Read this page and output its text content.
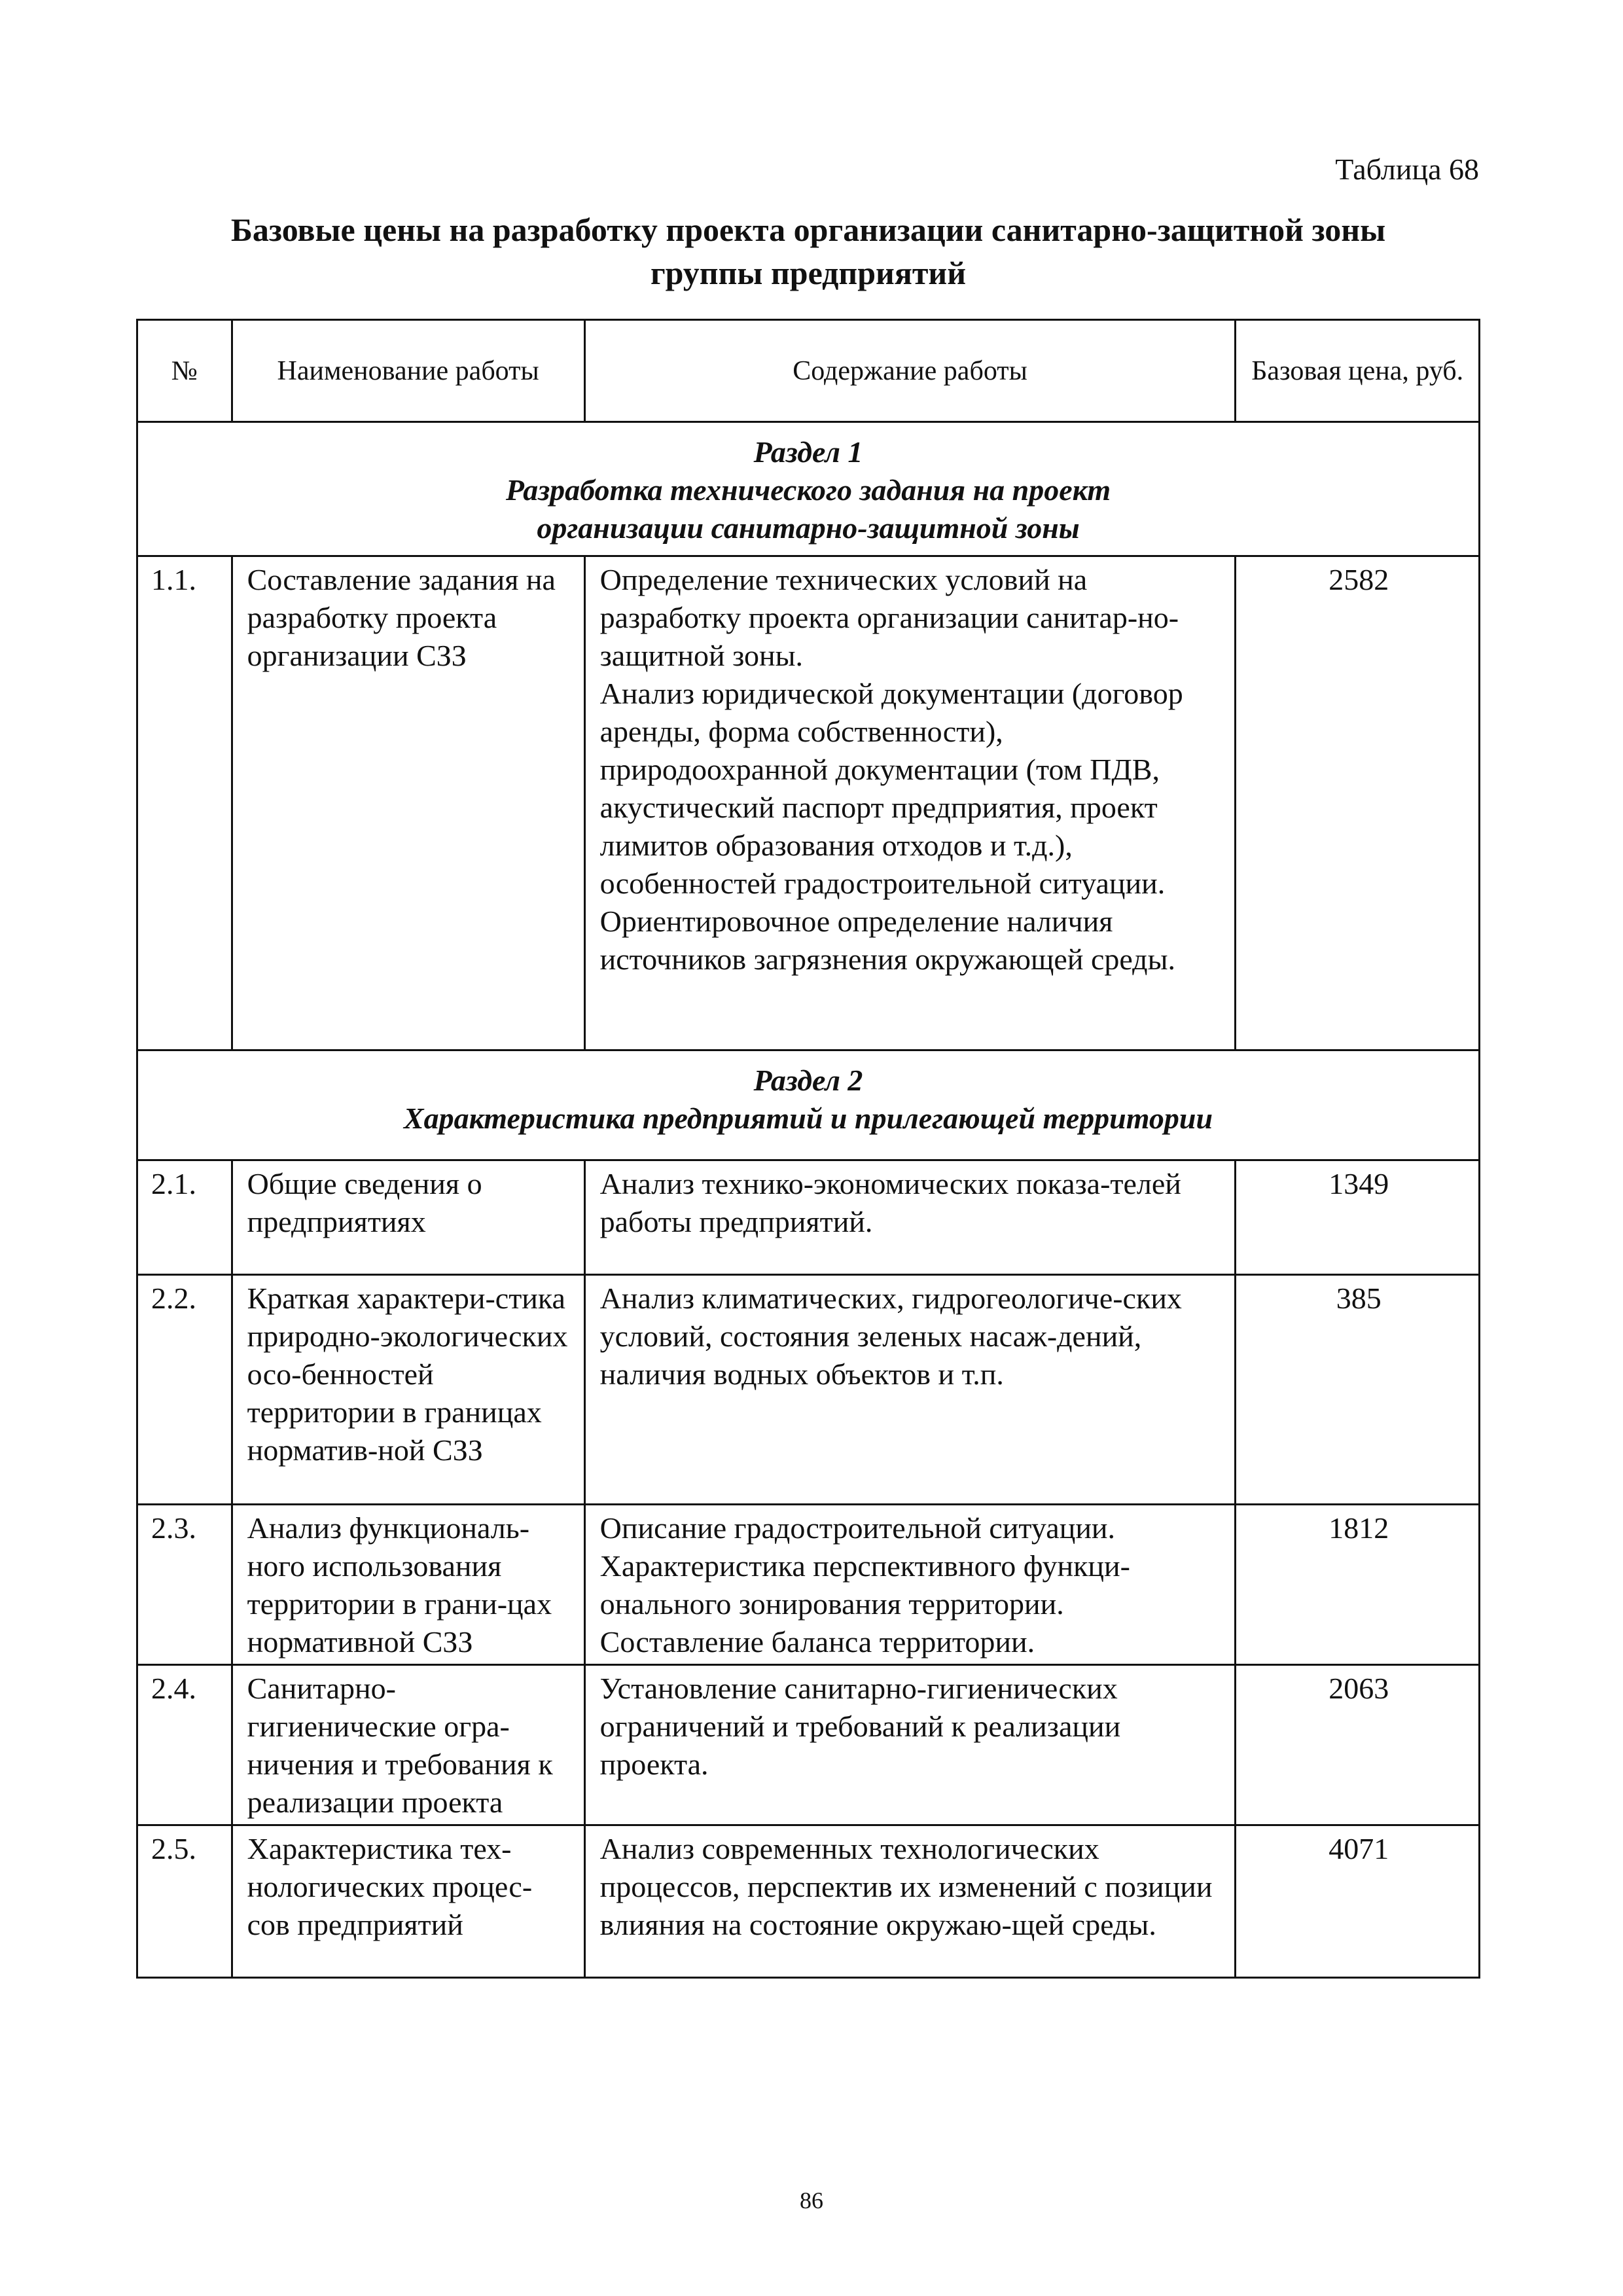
Таблица 68
Базовые цены на разработку проекта организации санитарно-защитной зоны
группы предприятий
№	Наименование работы	Содержание работы	Базовая цена, руб.

Раздел 1
Разработка технического задания на проект
организации санитарно-защитной зоны			

1.1.	Составление задания на разработку проекта организации СЗЗ	Определение технических условий на разработку проекта организации санитар-но-защитной зоны.
Анализ юридической документации (договор аренды, форма собственности), природоохранной документации (том ПДВ, акустический паспорт предприятия, проект лимитов образования отходов и т.д.), особенностей градостроительной ситуации.
Ориентировочное определение наличия источников загрязнения окружающей среды.	2582

Раздел 2
Характеристика предприятий и прилегающей территории			

2.1.	Общие сведения о предприятиях	Анализ технико-экономических показа-телей работы предприятий.	1349
2.2.	Краткая характери-стика природно-экологических осо-бенностей территории в границах норматив-ной СЗЗ	Анализ климатических, гидрогеологиче-ских условий, состояния зеленых насаж-дений, наличия водных объектов и т.п.	385
2.3.	Анализ функциональ-ного использования территории в грани-цах нормативной СЗЗ	Описание градостроительной ситуации. Характеристика перспективного функци-онального зонирования территории. Составление баланса территории.	1812
2.4.	Санитарно-гигиенические огра-ничения и требования к реализации проекта	Установление санитарно-гигиенических ограничений и требований к реализации проекта.	2063
2.5.	Характеристика тех-нологических процес-сов предприятий	Анализ современных технологических процессов, перспектив их изменений с позиции влияния на состояние окружаю-щей среды.	4071
86
